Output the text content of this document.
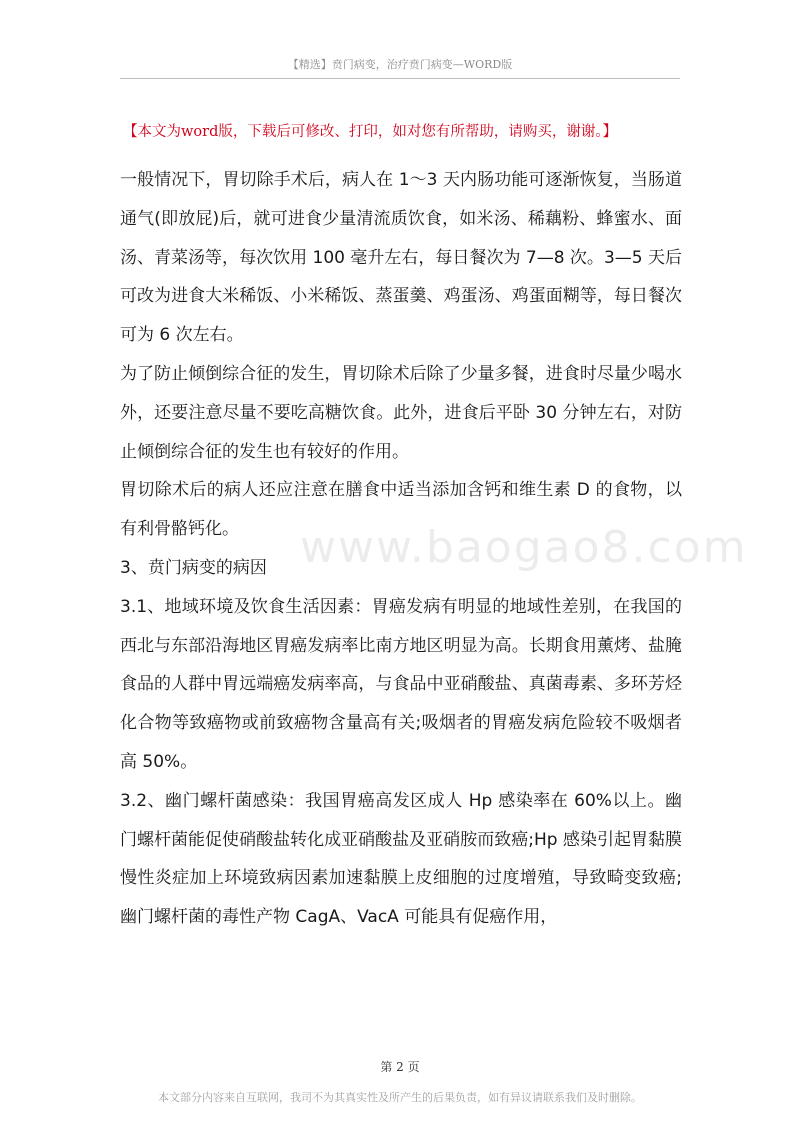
【精选】贲门病变，治疗贲门病变—WORD版
【本文为word版，下载后可修改、打印，如对您有所帮助，请购买，谢谢。】

一般情况下，胃切除手术后，病人在 1～3 天内肠功能可逐渐恢复，当肠道通气(即放屁)后，就可进食少量清流质饮食，如米汤、稀藕粉、蜂蜜水、面汤、青菜汤等，每次饮用 100 毫升左右，每日餐次为 7—8 次。3—5 天后可改为进食大米稀饭、小米稀饭、蒸蛋羹、鸡蛋汤、鸡蛋面糊等，每日餐次可为 6 次左右。

为了防止倾倒综合征的发生，胃切除术后除了少量多餐，进食时尽量少喝水外，还要注意尽量不要吃高糖饮食。此外，进食后平卧 30 分钟左右，对防止倾倒综合征的发生也有较好的作用。

胃切除术后的病人还应注意在膳食中适当添加含钙和维生素 D 的食物，以有利骨骼钙化。

3、贲门病变的病因

3.1、地域环境及饮食生活因素：胃癌发病有明显的地域性差别，在我国的西北与东部沿海地区胃癌发病率比南方地区明显为高。长期食用薰烤、盐腌食品的人群中胃远端癌发病率高，与食品中亚硝酸盐、真菌毒素、多环芳烃化合物等致癌物或前致癌物含量高有关;吸烟者的胃癌发病危险较不吸烟者高 50%。

3.2、幽门螺杆菌感染：我国胃癌高发区成人 Hp 感染率在 60%以上。幽门螺杆菌能促使硝酸盐转化成亚硝酸盐及亚硝胺而致癌;Hp 感染引起胃黏膜慢性炎症加上环境致病因素加速黏膜上皮细胞的过度增殖，导致畸变致癌;幽门螺杆菌的毒性产物 CagA、VacA 可能具有促癌作用，

www.baogao8.com
第 2 页
本文部分内容来自互联网，我司不为其真实性及所产生的后果负责，如有异议请联系我们及时删除。
